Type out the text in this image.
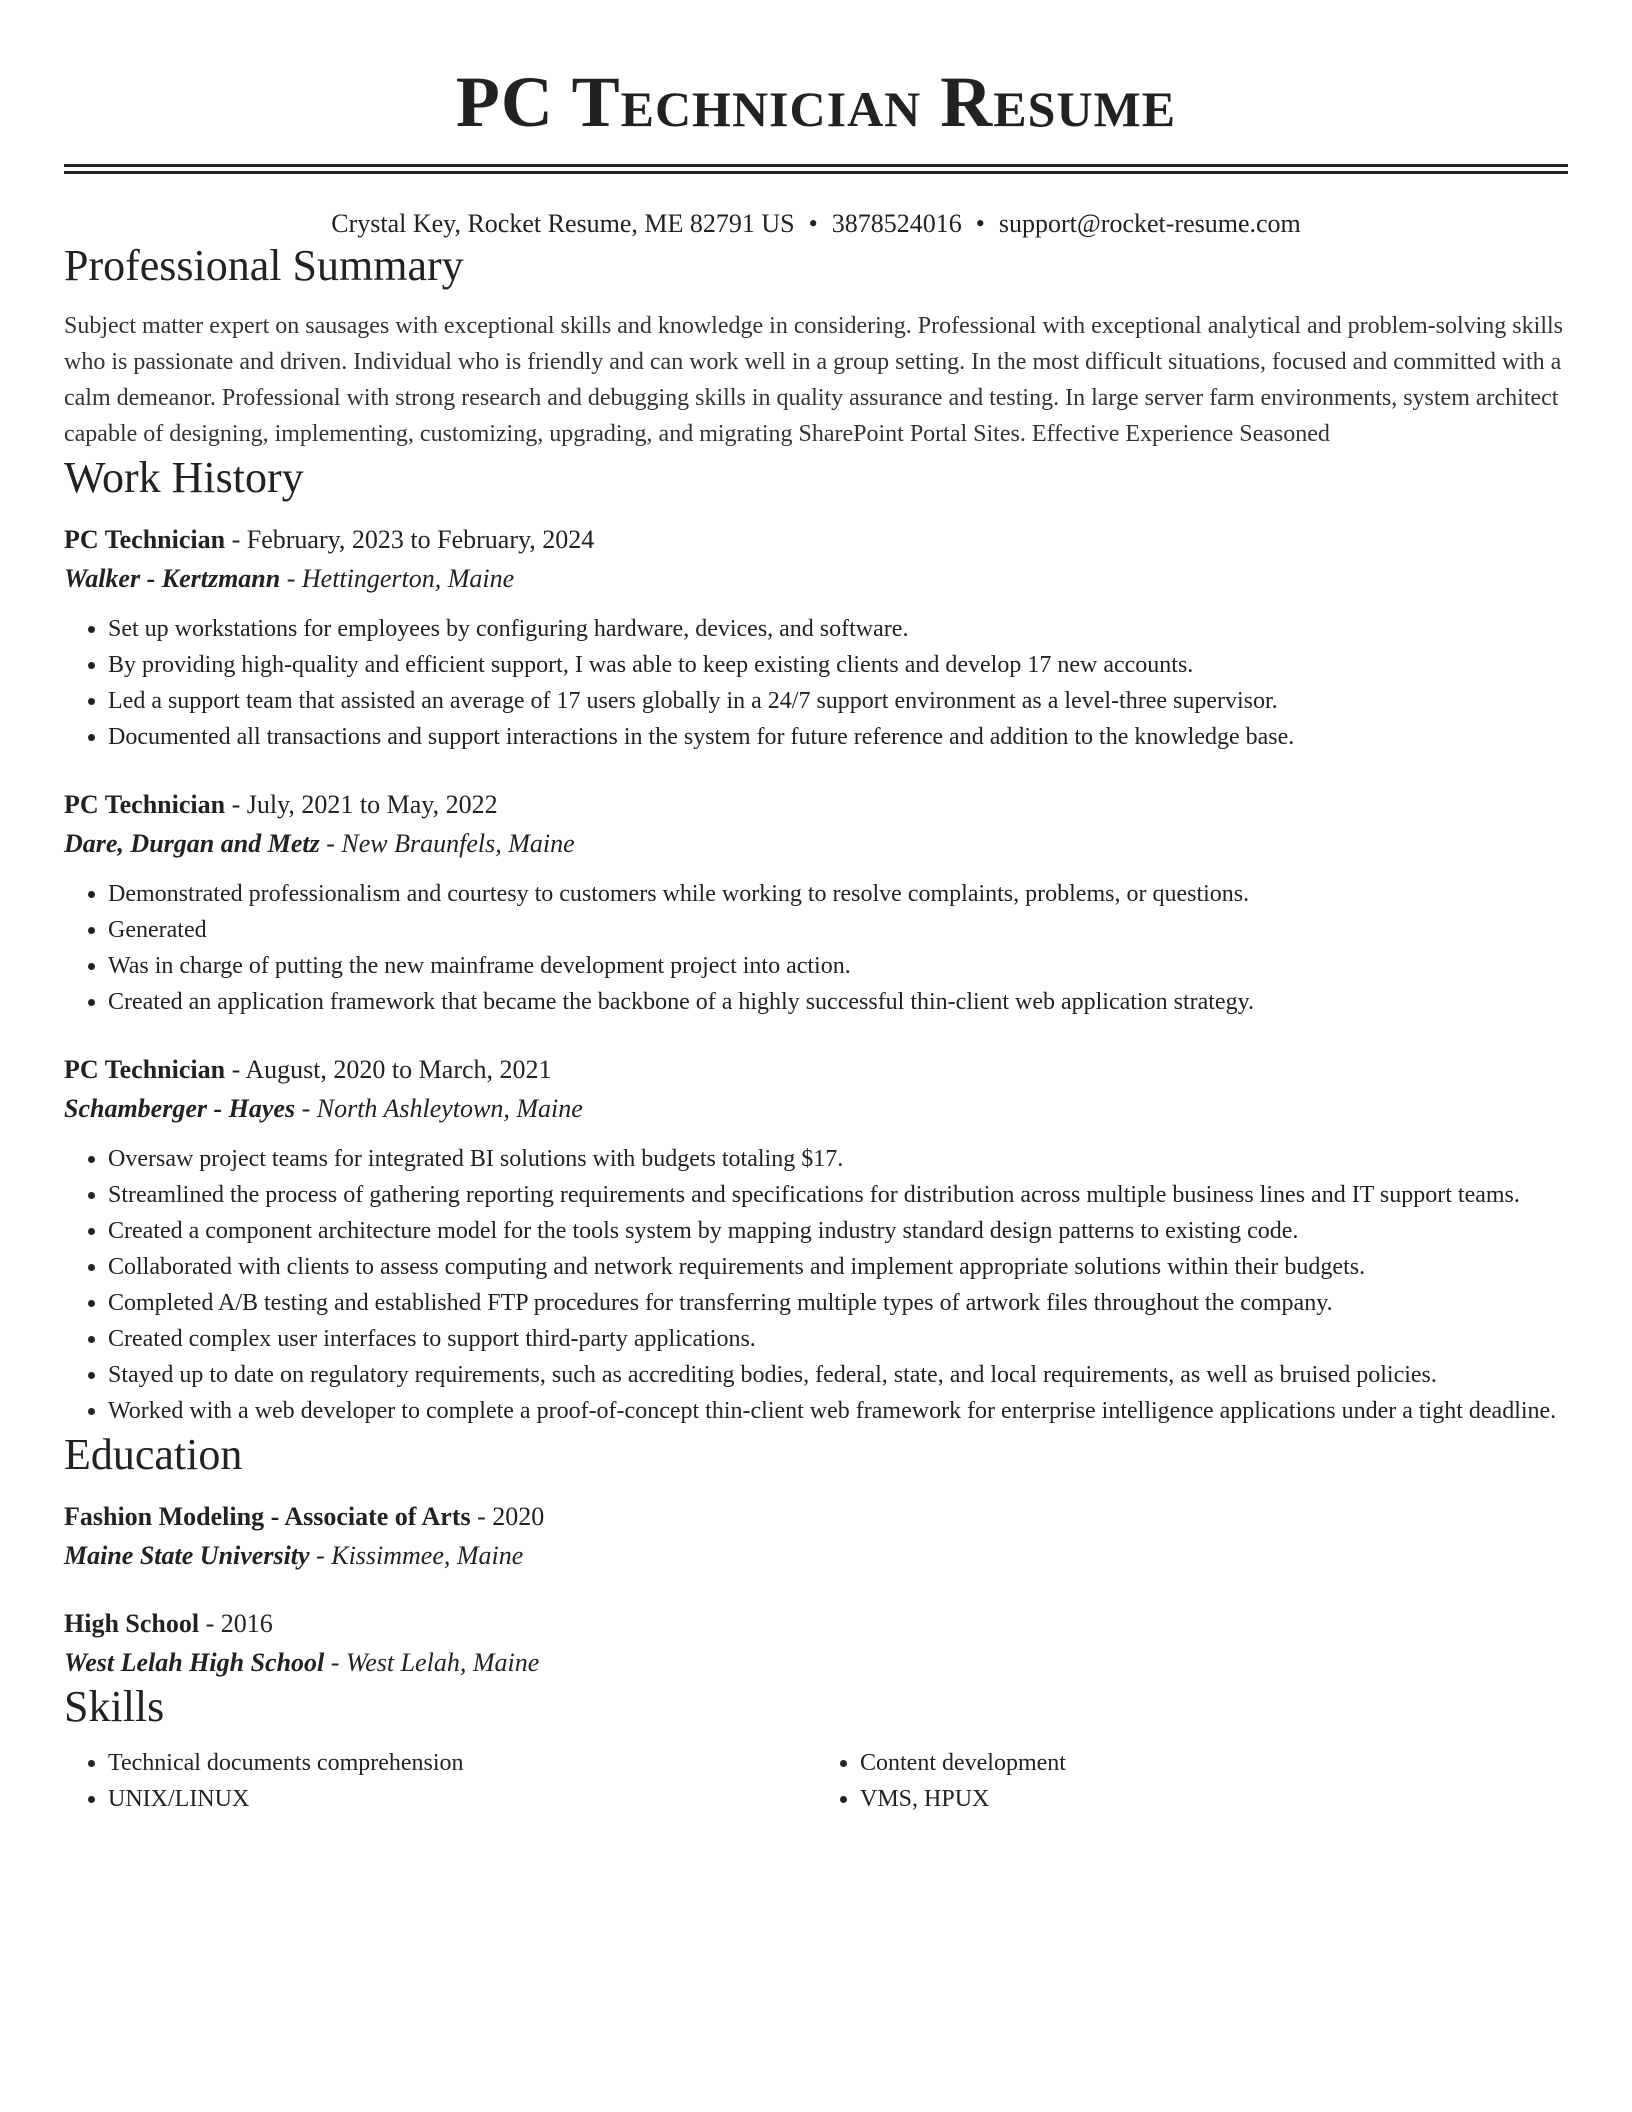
PC Technician Resume
Crystal Key, Rocket Resume, ME 82791 US • 3878524016 • support@rocket-resume.com
Professional Summary

Subject matter expert on sausages with exceptional skills and knowledge in considering. Professional with exceptional analytical and problem-solving skills who is passionate and driven. Individual who is friendly and can work well in a group setting. In the most difficult situations, focused and committed with a calm demeanor. Professional with strong research and debugging skills in quality assurance and testing. In large server farm environments, system architect capable of designing, implementing, customizing, upgrading, and migrating SharePoint Portal Sites. Effective Experience Seasoned

Work History
PC Technician - February, 2023 to February, 2024
Walker - Kertzmann - Hettingerton, Maine
• Set up workstations for employees by configuring hardware, devices, and software.
• By providing high-quality and efficient support, I was able to keep existing clients and develop 17 new accounts.
• Led a support team that assisted an average of 17 users globally in a 24/7 support environment as a level-three supervisor.
• Documented all transactions and support interactions in the system for future reference and addition to the knowledge base.
PC Technician - July, 2021 to May, 2022
Dare, Durgan and Metz - New Braunfels, Maine
• Demonstrated professionalism and courtesy to customers while working to resolve complaints, problems, or questions.
• Generated
• Was in charge of putting the new mainframe development project into action.
• Created an application framework that became the backbone of a highly successful thin-client web application strategy.
PC Technician - August, 2020 to March, 2021
Schamberger - Hayes - North Ashleytown, Maine
• Oversaw project teams for integrated BI solutions with budgets totaling $17.
• Streamlined the process of gathering reporting requirements and specifications for distribution across multiple business lines and IT support teams.
• Created a component architecture model for the tools system by mapping industry standard design patterns to existing code.
• Collaborated with clients to assess computing and network requirements and implement appropriate solutions within their budgets.
• Completed A/B testing and established FTP procedures for transferring multiple types of artwork files throughout the company.
• Created complex user interfaces to support third-party applications.
• Stayed up to date on regulatory requirements, such as accrediting bodies, federal, state, and local requirements, as well as bruised policies.
• Worked with a web developer to complete a proof-of-concept thin-client web framework for enterprise intelligence applications under a tight deadline.
Education
Fashion Modeling - Associate of Arts - 2020
Maine State University - Kissimmee, Maine
High School - 2016
West Lelah High School - West Lelah, Maine
Skills
• Technical documents comprehension
• UNIX/LINUX
• Content development
• VMS, HPUX
